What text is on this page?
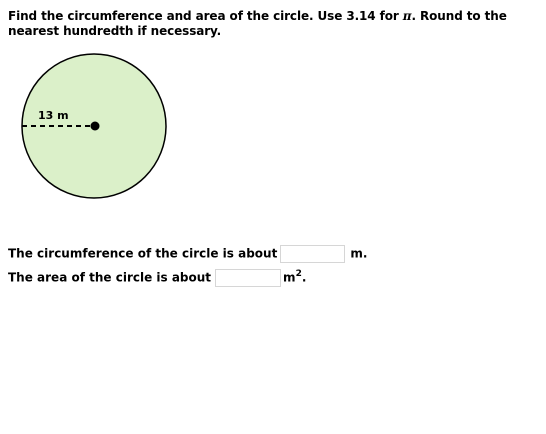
Find the circumference and area of the circle. Use 3.14 for π. Round to the nearest hundredth if necessary.
13 m
The circumference of the circle is about	m.
The area of the circle is about	$m^2$.
